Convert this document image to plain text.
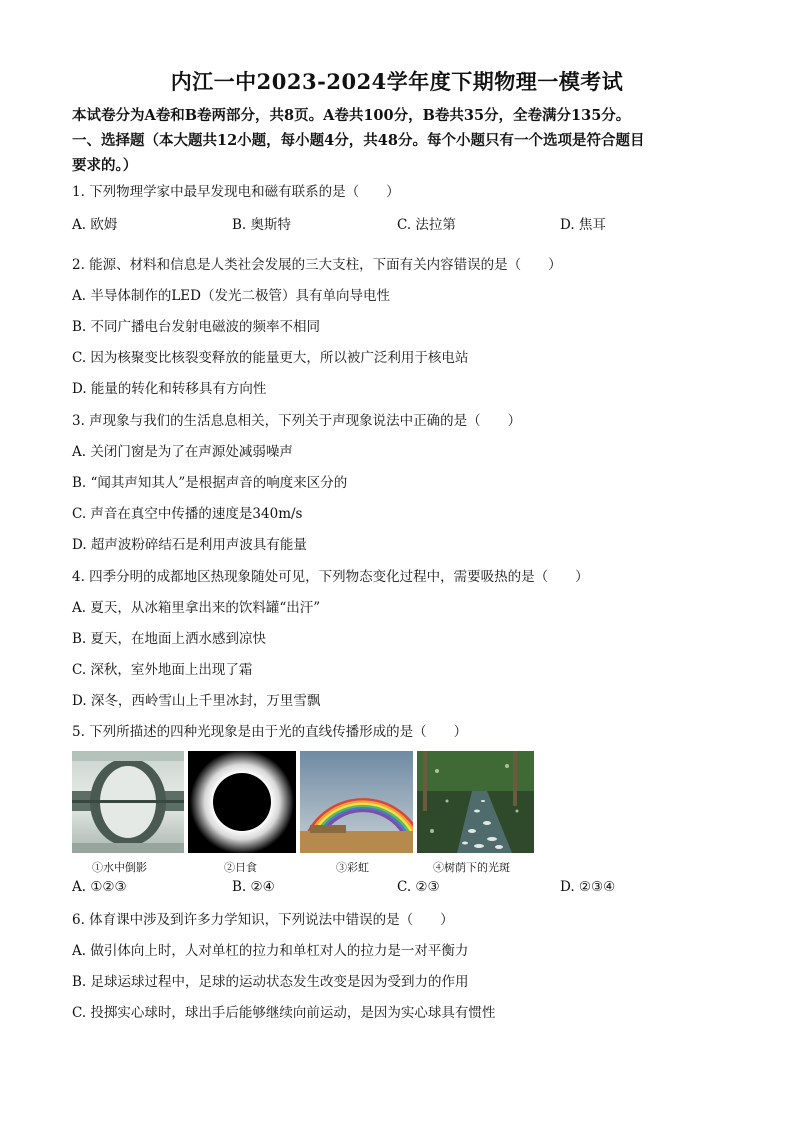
内江一中2023-2024学年度下期物理一模考试
本试卷分为A卷和B卷两部分，共8页。A卷共100分，B卷共35分，全卷满分135分。
一、选择题（本大题共12小题，每小题4分，共48分。每个小题只有一个选项是符合题目
要求的。）
1. 下列物理学家中最早发现电和磁有联系的是（　　）
A. 欧姆	B. 奥斯特	C. 法拉第	D. 焦耳
2. 能源、材料和信息是人类社会发展的三大支柱，下面有关内容错误的是（　　）
A. 半导体制作的LED（发光二极管）具有单向导电性
B. 不同广播电台发射电磁波的频率不相同
C. 因为核聚变比核裂变释放的能量更大，所以被广泛利用于核电站
D. 能量的转化和转移具有方向性
3. 声现象与我们的生活息息相关，下列关于声现象说法中正确的是（　　）
A. 关闭门窗是为了在声源处减弱噪声
B. “闻其声知其人”是根据声音的响度来区分的
C. 声音在真空中传播的速度是340m/s
D. 超声波粉碎结石是利用声波具有能量
4. 四季分明的成都地区热现象随处可见，下列物态变化过程中，需要吸热的是（　　）
A. 夏天，从冰箱里拿出来的饮料罐“出汗”
B. 夏天，在地面上洒水感到凉快
C. 深秋，室外地面上出现了霜
D. 深冬，西岭雪山上千里冰封，万里雪飘
5. 下列所描述的四种光现象是由于光的直线传播形成的是（　　）
①水中倒影	②日食	③彩虹	④树荫下的光斑
A. ①②③	B. ②④	C. ②③	D. ②③④
6. 体育课中涉及到许多力学知识，下列说法中错误的是（　　）
A. 做引体向上时，人对单杠的拉力和单杠对人的拉力是一对平衡力
B. 足球运球过程中，足球的运动状态发生改变是因为受到力的作用
C. 投掷实心球时，球出手后能够继续向前运动，是因为实心球具有惯性
